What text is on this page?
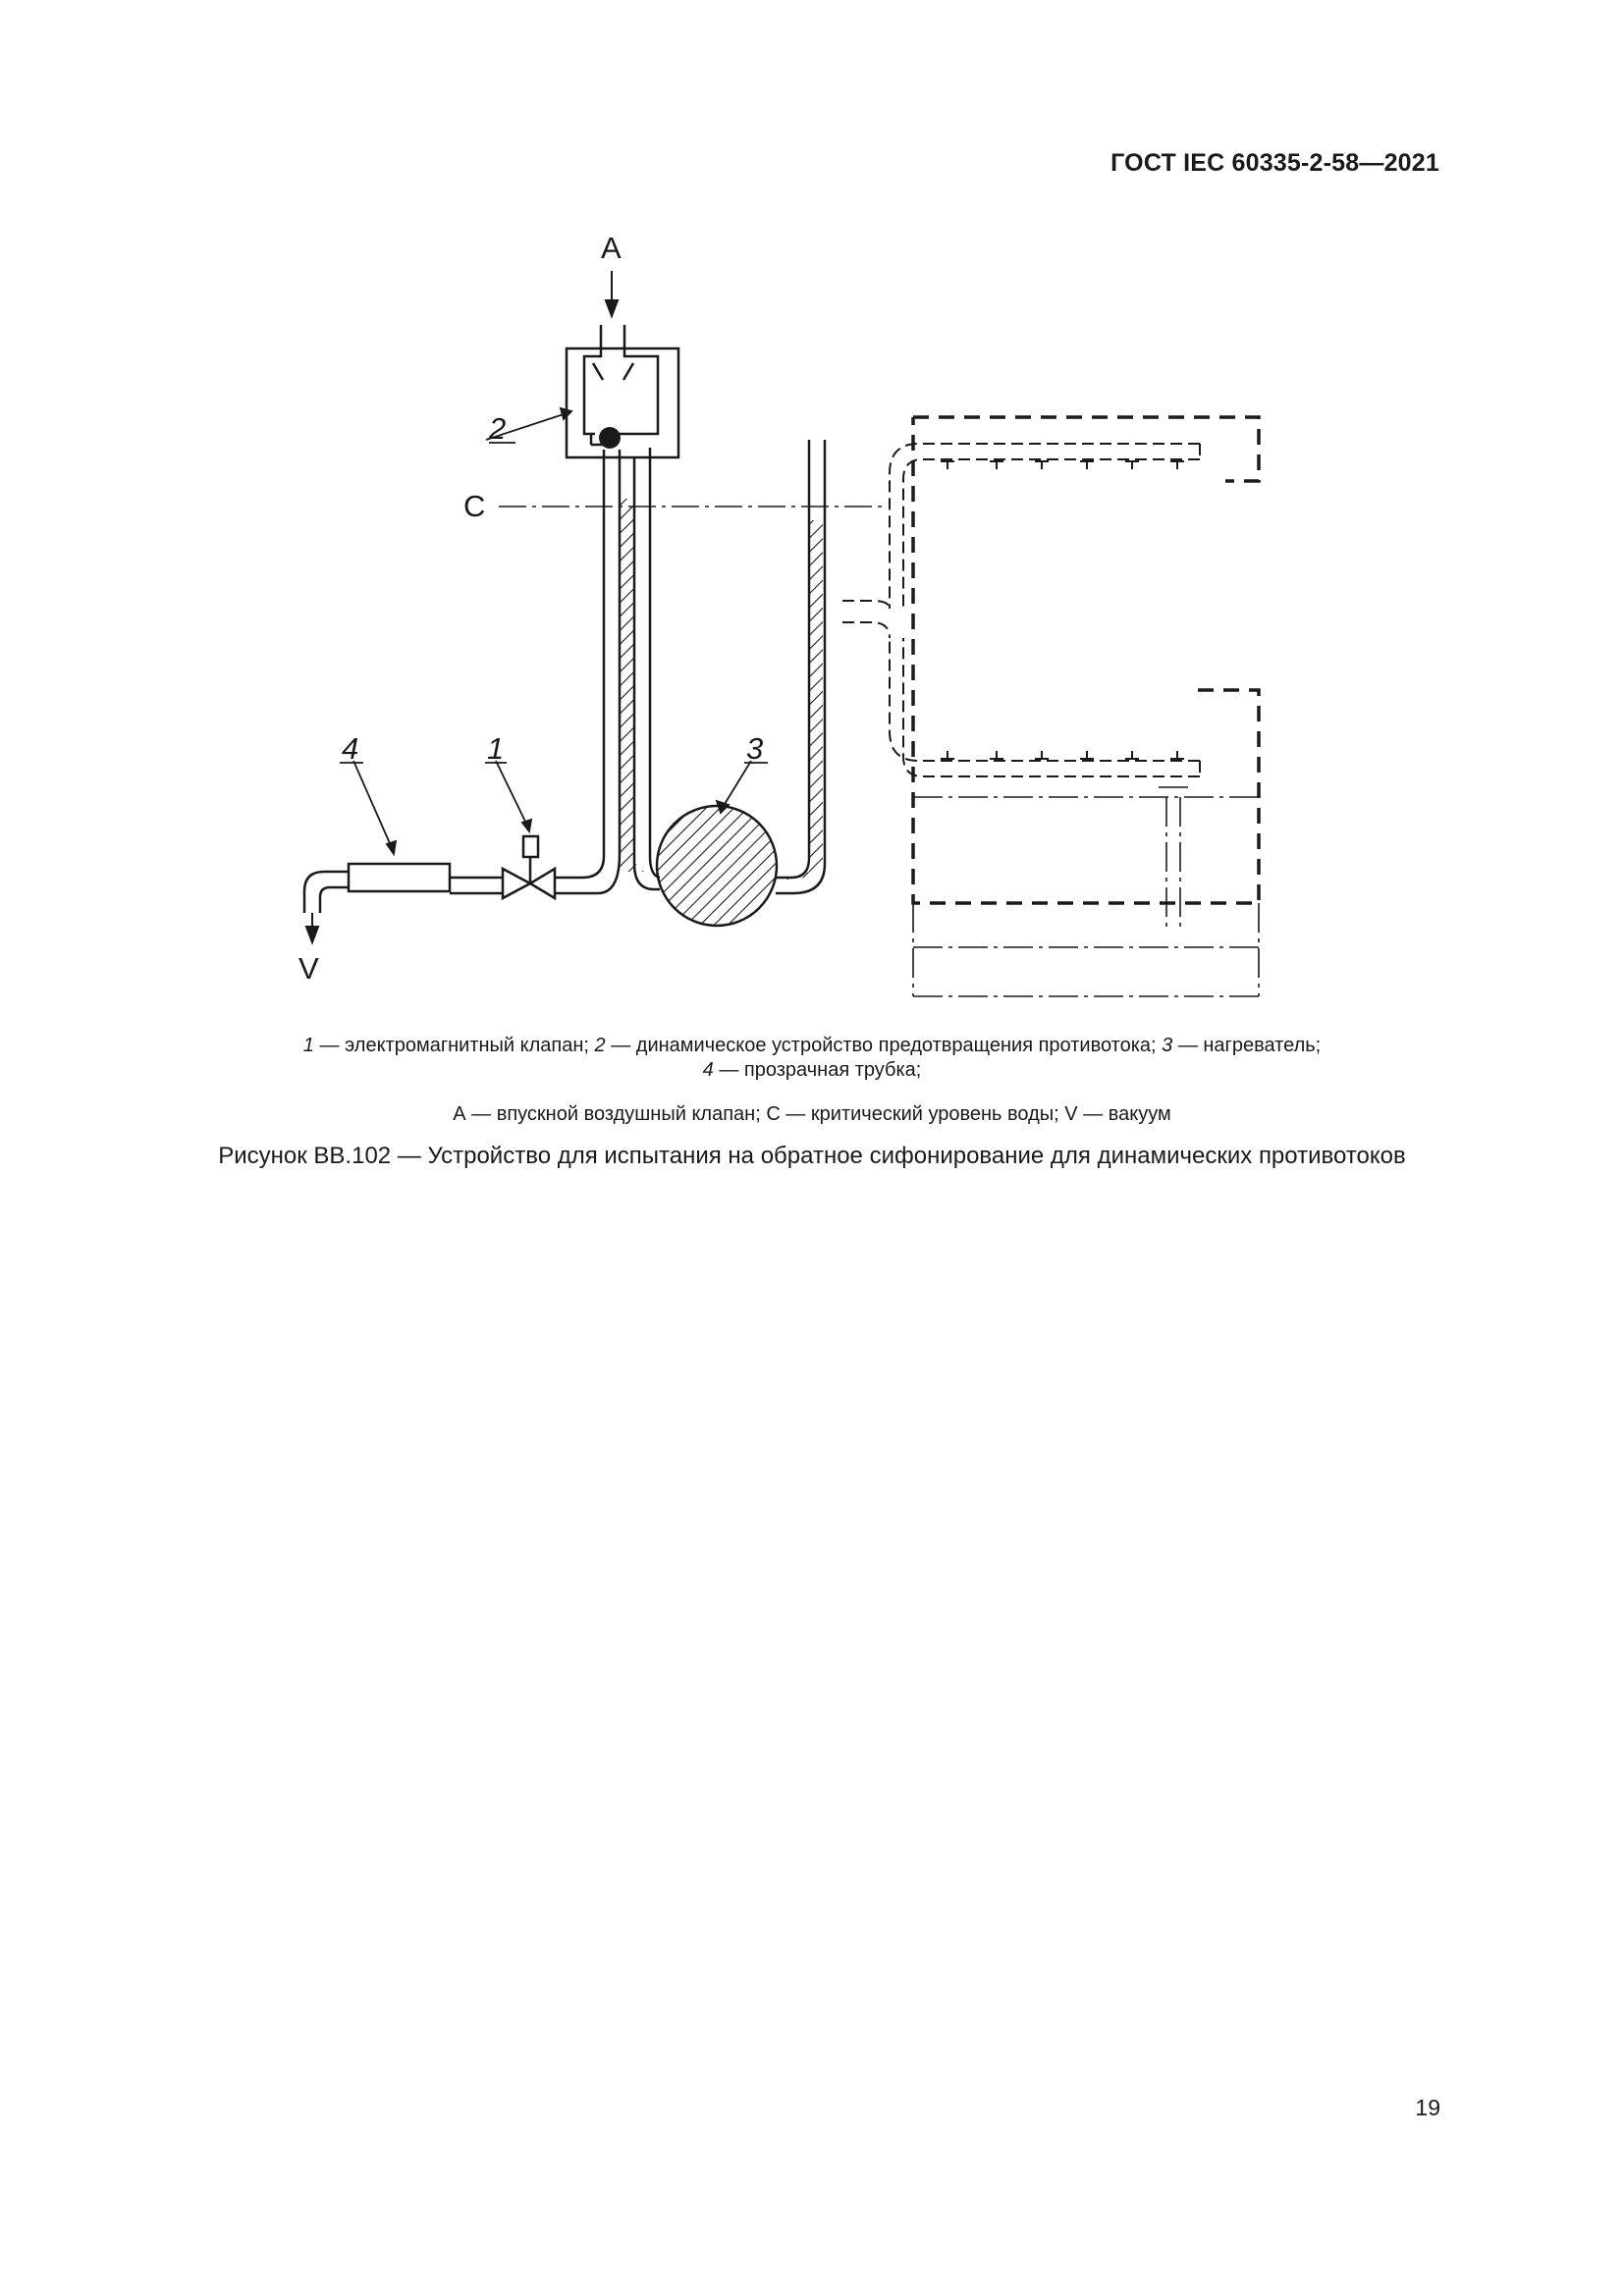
ГОСТ IEC 60335-2-58—2021
A
C
V
2
4	1	3
1 — электромагнитный клапан; 2 — динамическое устройство предотвращения противотока; 3 — нагреватель;
4 — прозрачная трубка;
А — впускной воздушный клапан; С — критический уровень воды; V — вакуум
Рисунок ВВ.102 — Устройство для испытания на обратное сифонирование для динамических противотоков
19
